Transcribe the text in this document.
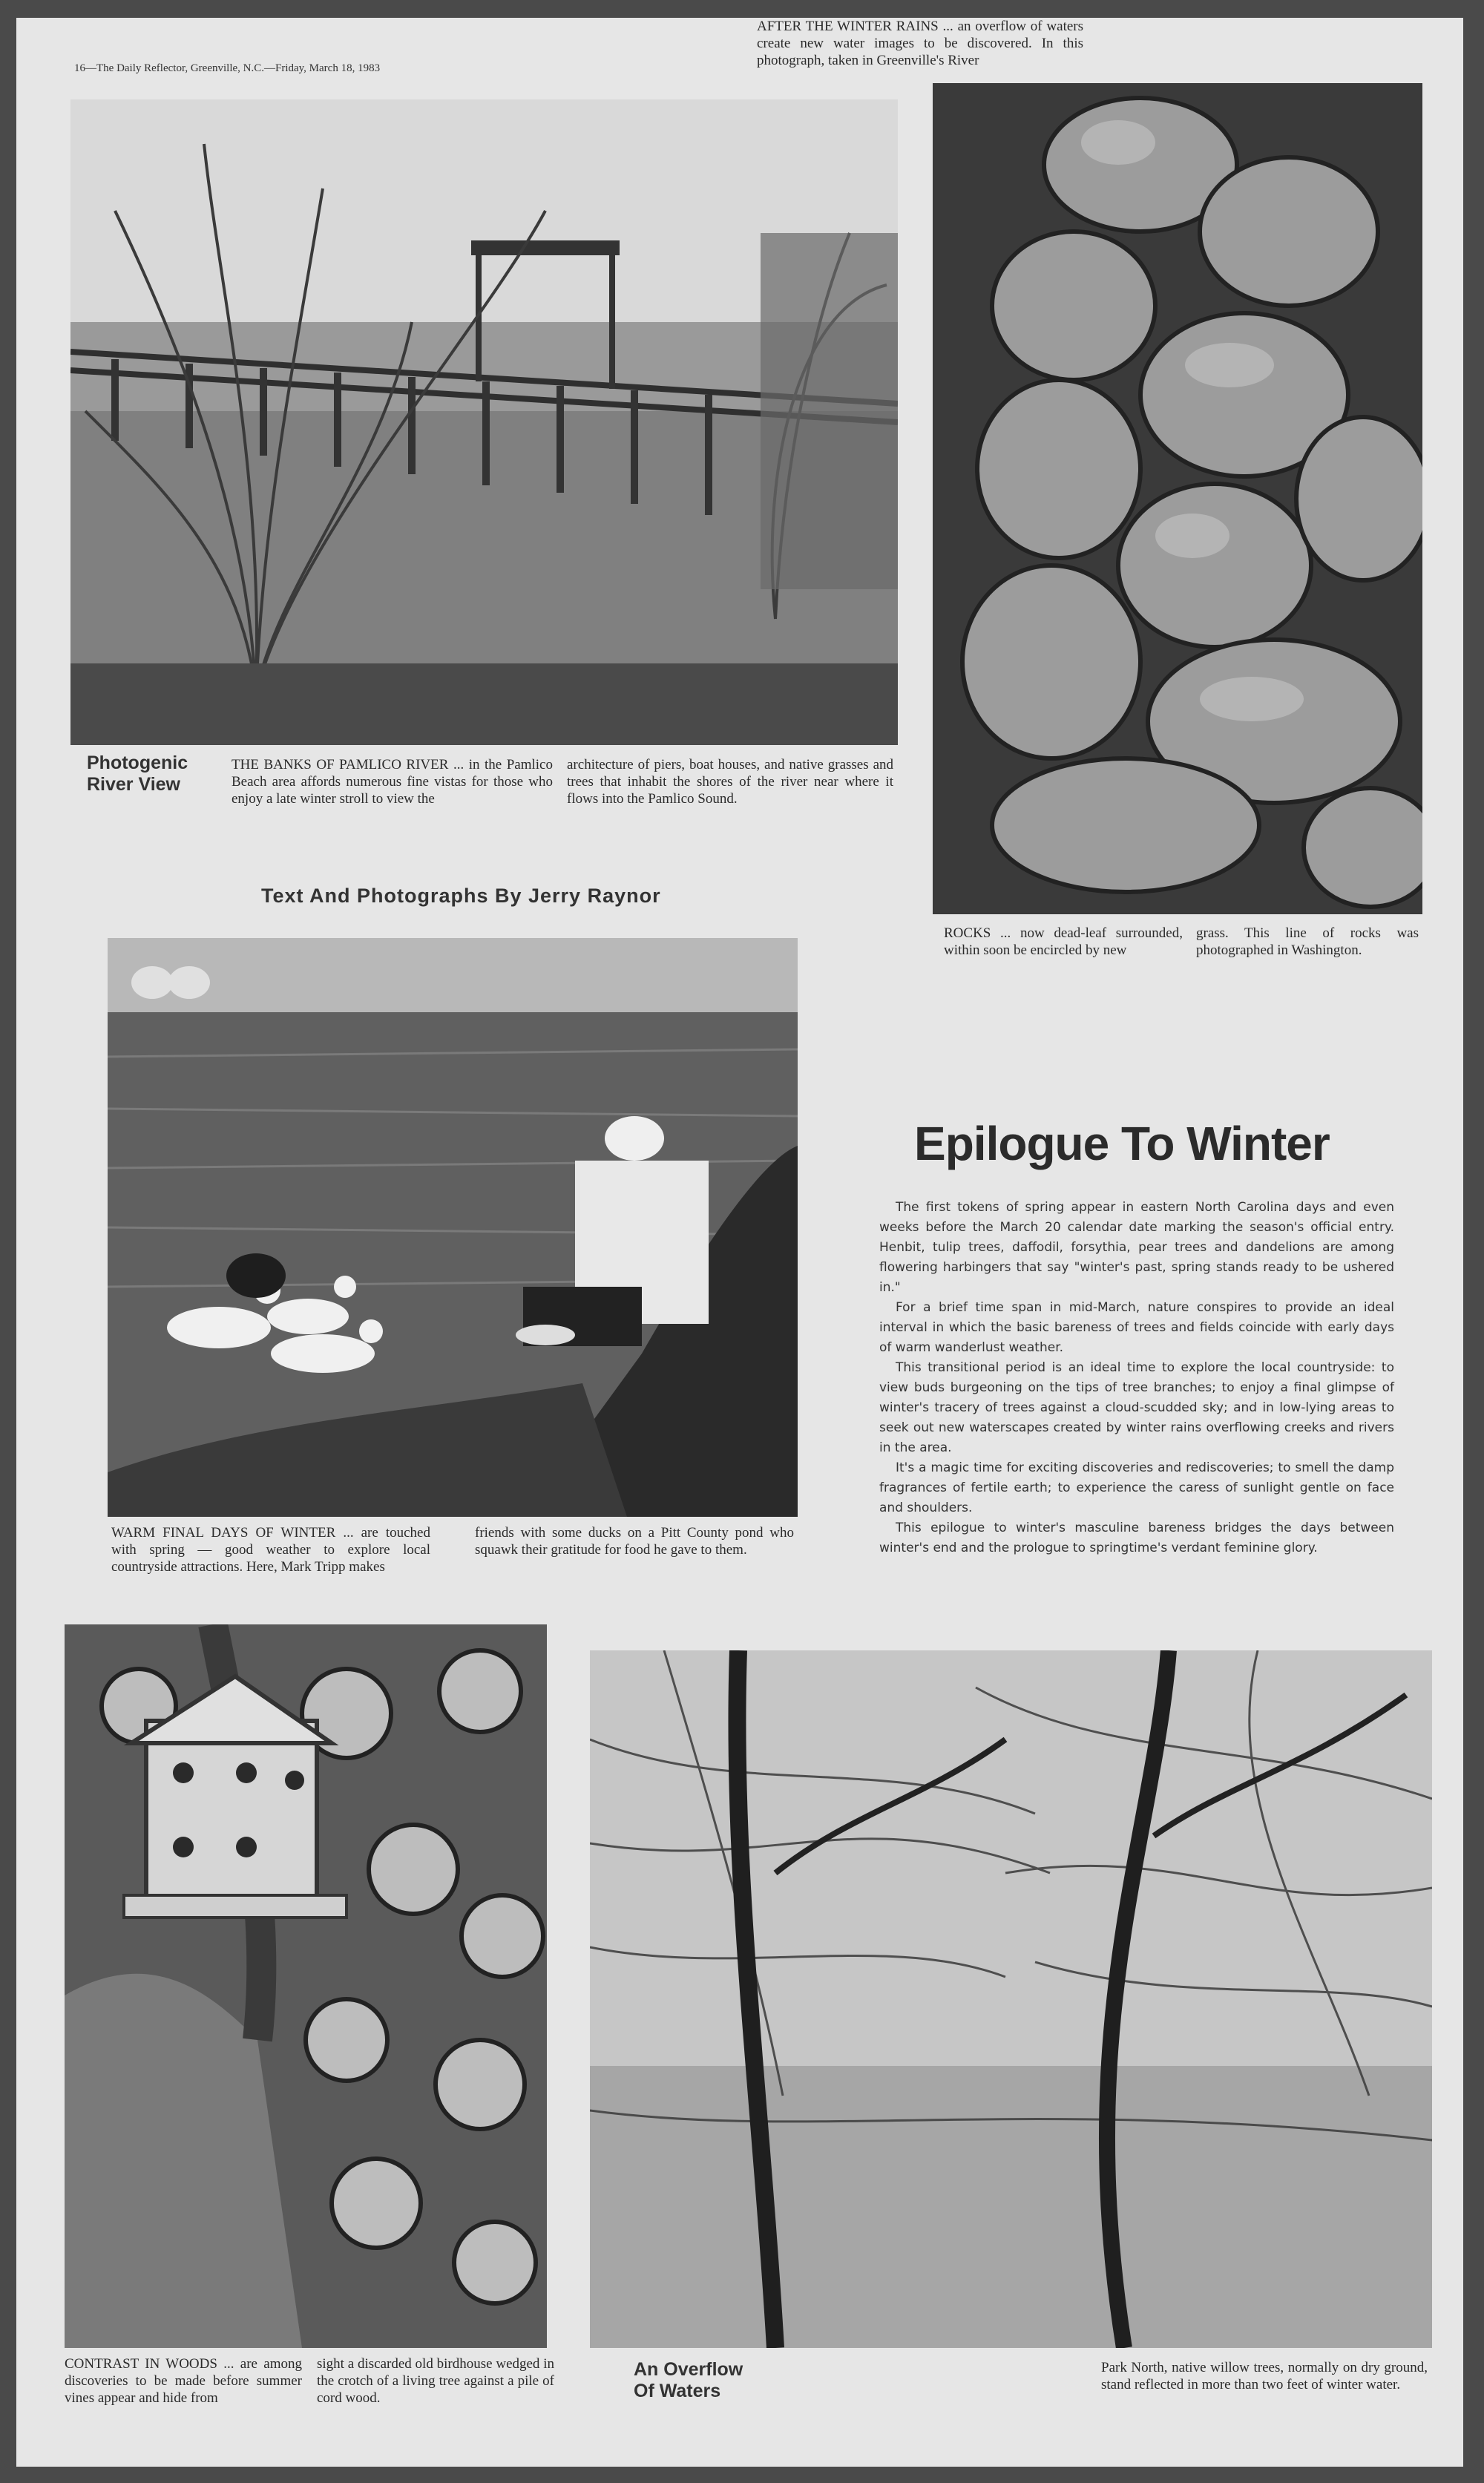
16—The Daily Reflector, Greenville, N.C.—Friday, March 18, 1983
Photogenic
River View
THE BANKS OF PAMLICO RIVER ... in the Pamlico Beach area affords numerous fine vistas for those who enjoy a late winter stroll to view the
architecture of piers, boat houses, and native grasses and trees that inhabit the shores of the river near where it flows into the Pamlico Sound.
ROCKS ... now dead-leaf surrounded, within soon be encircled by new
grass. This line of rocks was photographed in Washington.
Text And Photographs By Jerry Raynor
WARM FINAL DAYS OF WINTER ... are touched with spring — good weather to explore local countryside attractions. Here, Mark Tripp makes
friends with some ducks on a Pitt County pond who squawk their gratitude for food he gave to them.
Epilogue To Winter

The first tokens of spring appear in eastern North Carolina days and even weeks before the March 20 calendar date marking the season's official entry. Henbit, tulip trees, daffodil, forsythia, pear trees and dandelions are among flowering harbingers that say "winter's past, spring stands ready to be ushered in."

For a brief time span in mid-March, nature conspires to provide an ideal interval in which the basic bareness of trees and fields coincide with early days of warm wanderlust weather.

This transitional period is an ideal time to explore the local countryside: to view buds burgeoning on the tips of tree branches; to enjoy a final glimpse of winter's tracery of trees against a cloud-scudded sky; and in low-lying areas to seek out new waterscapes created by winter rains overflowing creeks and rivers in the area.

It's a magic time for exciting discoveries and rediscoveries; to smell the damp fragrances of fertile earth; to experience the caress of sunlight gentle on face and shoulders.

This epilogue to winter's masculine bareness bridges the days between winter's end and the prologue to springtime's verdant feminine glory.

CONTRAST IN WOODS ... are among discoveries to be made before summer vines appear and hide from
sight a discarded old birdhouse wedged in the crotch of a living tree against a pile of cord wood.
An Overflow
Of Waters
AFTER THE WINTER RAINS ... an overflow of waters create new water images to be discovered. In this photograph, taken in Greenville's River
Park North, native willow trees, normally on dry ground, stand reflected in more than two feet of winter water.
